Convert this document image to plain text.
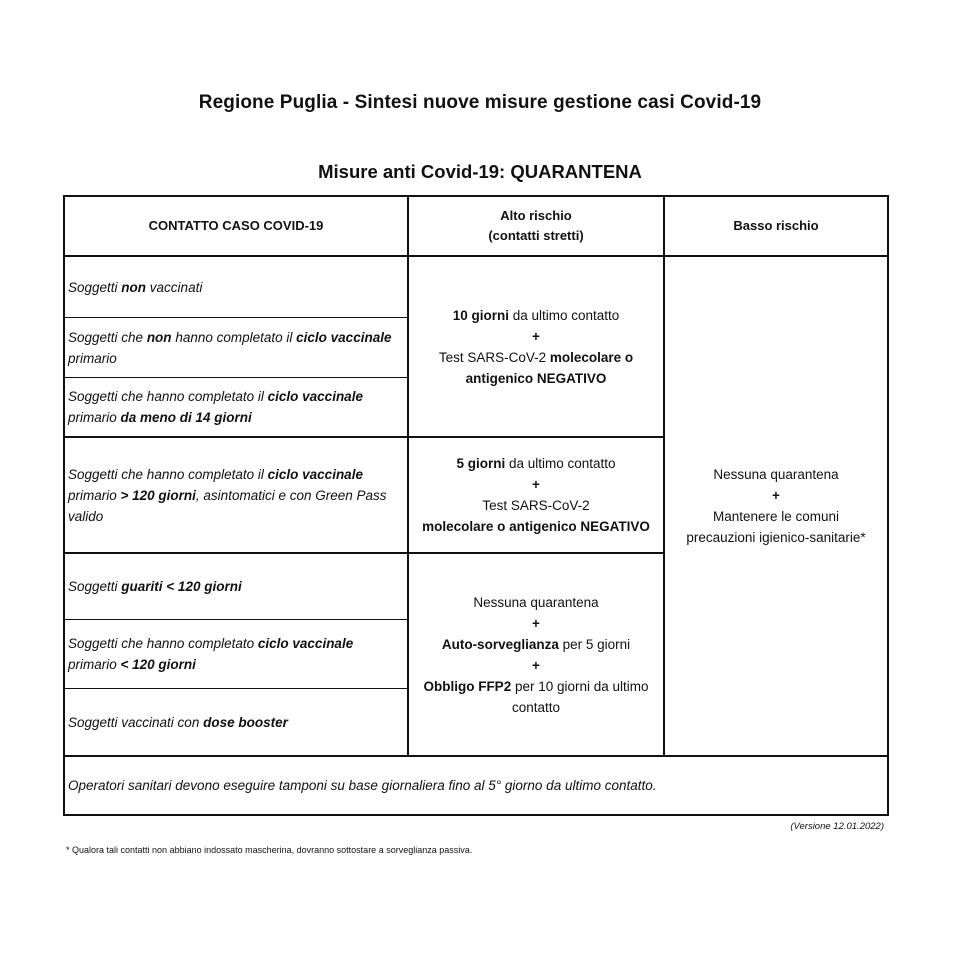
Regione Puglia - Sintesi nuove misure gestione casi Covid-19
Misure anti Covid-19: QUARANTENA
CONTATTO CASO COVID-19
Alto rischio
(contatti stretti)
Basso rischio
Soggetti non vaccinati
Soggetti che non hanno completato il ciclo vaccinale primario
Soggetti che hanno completato il ciclo vaccinale primario da meno di 14 giorni
Soggetti che hanno completato il ciclo vaccinale primario > 120 giorni, asintomatici e con Green Pass valido
Soggetti guariti < 120 giorni
Soggetti che hanno completato ciclo vaccinale primario < 120 giorni
Soggetti vaccinati con dose booster
10 giorni da ultimo contatto
+
Test SARS-CoV-2 molecolare o
antigenico NEGATIVO
5 giorni da ultimo contatto
+
Test SARS-CoV-2
molecolare o antigenico NEGATIVO
Nessuna quarantena
+
Auto-sorveglianza per 5 giorni
+
Obbligo FFP2 per 10 giorni da ultimo
contatto
Nessuna quarantena
+
Mantenere le comuni
precauzioni igienico-sanitarie*
Operatori sanitari devono eseguire tamponi su base giornaliera fino al 5° giorno da ultimo contatto.
(Versione 12.01.2022)
* Qualora tali contatti non abbiano indossato mascherina, dovranno sottostare a sorveglianza passiva.
